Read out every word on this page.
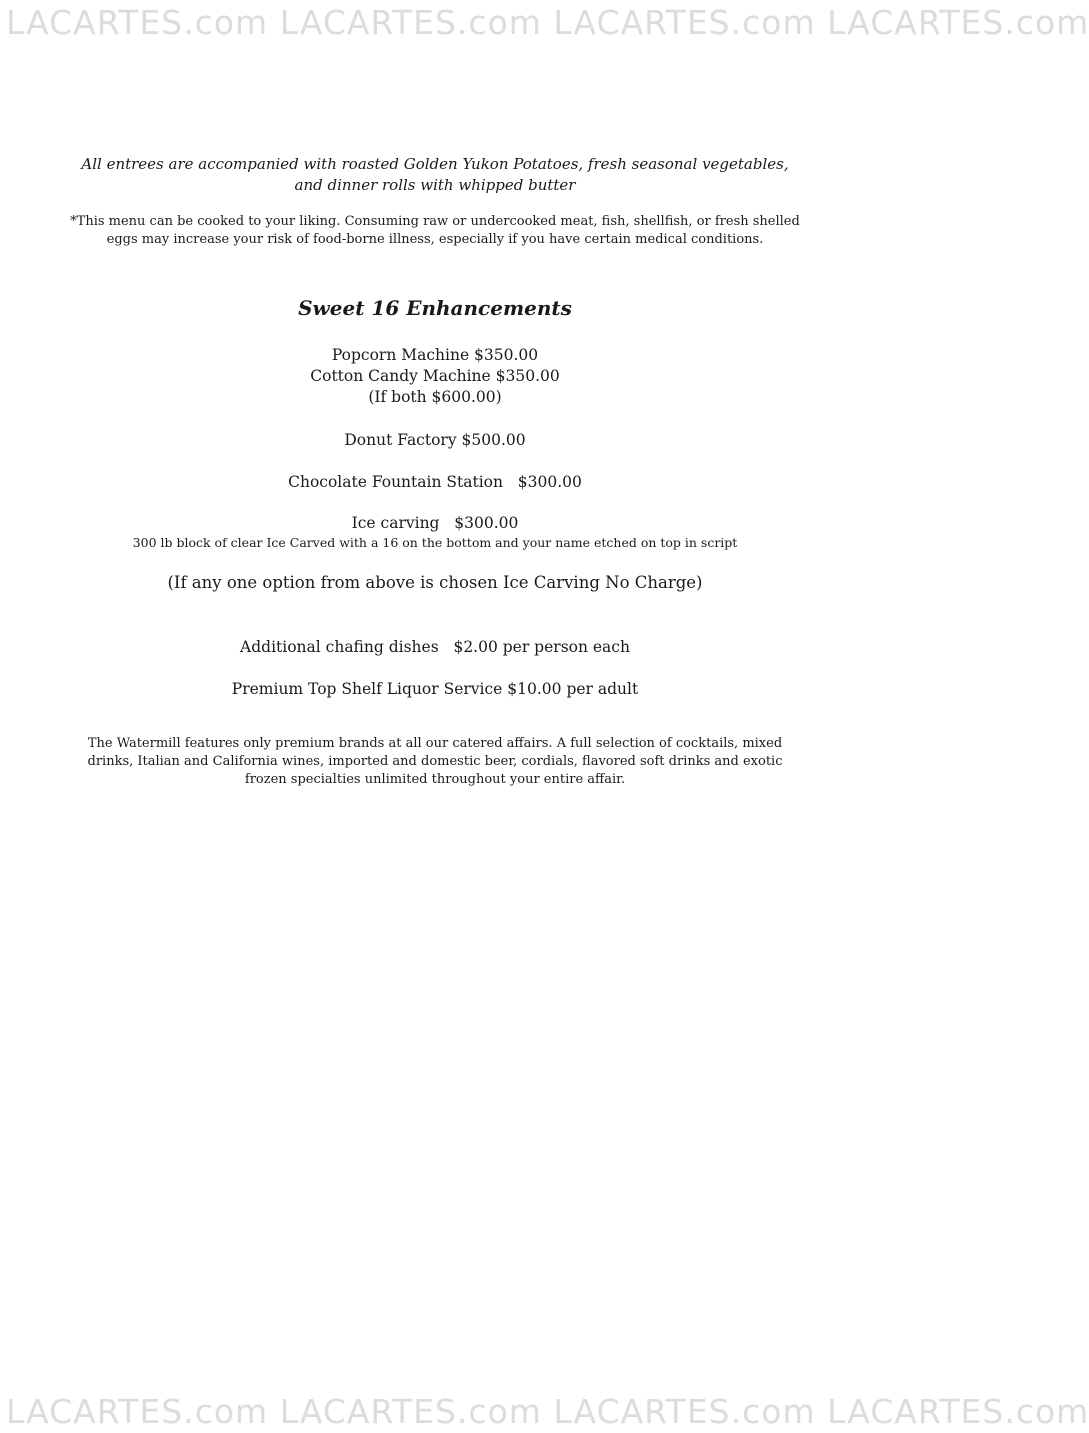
LACARTES.com LACARTES.com LACARTES.com LACARTES.com
All entrees are accompanied with roasted Golden Yukon Potatoes, fresh seasonal vegetables,
and dinner rolls with whipped butter
*This menu can be cooked to your liking. Consuming raw or undercooked meat, fish, shellfish, or fresh shelled
eggs may increase your risk of food-borne illness, especially if you have certain medical conditions.
Sweet 16 Enhancements
Popcorn Machine $350.00
Cotton Candy Machine $350.00
(If both $600.00)
Donut Factory $500.00
Chocolate Fountain Station   $300.00
Ice carving   $300.00
300 lb block of clear Ice Carved with a 16 on the bottom and your name etched on top in script
(If any one option from above is chosen Ice Carving No Charge)
Additional chafing dishes   $2.00 per person each
Premium Top Shelf Liquor Service $10.00 per adult
The Watermill features only premium brands at all our catered affairs. A full selection of cocktails, mixed
drinks, Italian and California wines, imported and domestic beer, cordials, flavored soft drinks and exotic
frozen specialties unlimited throughout your entire affair.
LACARTES.com LACARTES.com LACARTES.com LACARTES.com
